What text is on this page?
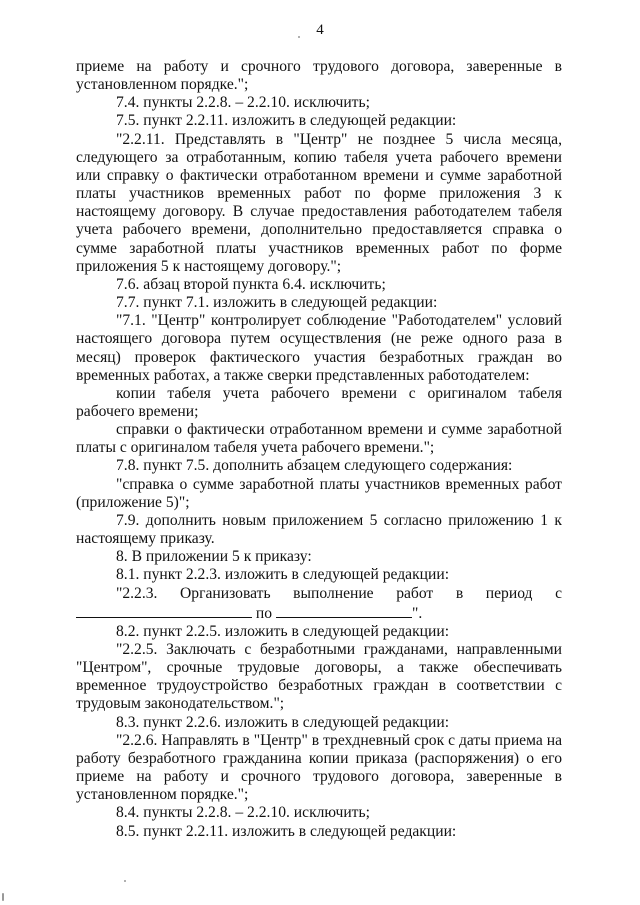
4

приеме на работу и срочного трудового договора, заверенные в установленном порядке.";

7.4. пункты 2.2.8. – 2.2.10. исключить;

7.5. пункт 2.2.11. изложить в следующей редакции:

"2.2.11. Представлять в "Центр" не позднее 5 числа месяца, следующего за отработанным, копию табеля учета рабочего времени или справку о фактически отработанном времени и сумме заработной платы участников временных работ по форме приложения 3 к настоящему договору. В случае предоставления работодателем табеля учета рабочего времени, дополнительно предоставляется справка о сумме заработной платы участников временных работ по форме приложения 5 к настоящему договору.";

7.6. абзац второй пункта 6.4. исключить;

7.7. пункт 7.1. изложить в следующей редакции:

"7.1. "Центр" контролирует соблюдение "Работодателем" условий настоящего договора путем осуществления (не реже одного раза в месяц) проверок фактического участия безработных граждан во временных работах, а также сверки представленных работодателем:

копии табеля учета рабочего времени с оригиналом табеля рабочего времени;

справки о фактически отработанном времени и сумме заработной платы с оригиналом табеля учета рабочего времени.";

7.8. пункт 7.5. дополнить абзацем следующего содержания:

"справка о сумме заработной платы участников временных работ (приложение 5)";

7.9. дополнить новым приложением 5 согласно приложению 1 к настоящему приказу.

8. В приложении 5 к приказу:

8.1. пункт 2.2.3. изложить в следующей редакции:

"2.2.3. Организовать выполнение работ в период с

по	".

8.2. пункт 2.2.5. изложить в следующей редакции:

"2.2.5. Заключать с безработными гражданами, направленными "Центром", срочные трудовые договоры, а также обеспечивать временное трудоустройство безработных граждан в соответствии с трудовым законодательством.";

8.3. пункт 2.2.6. изложить в следующей редакции:

"2.2.6. Направлять в "Центр" в трехдневный срок с даты приема на работу безработного гражданина копии приказа (распоряжения) о его приеме на работу и срочного трудового договора, заверенные в установленном порядке.";

8.4. пункты 2.2.8. – 2.2.10. исключить;

8.5. пункт 2.2.11. изложить в следующей редакции:
